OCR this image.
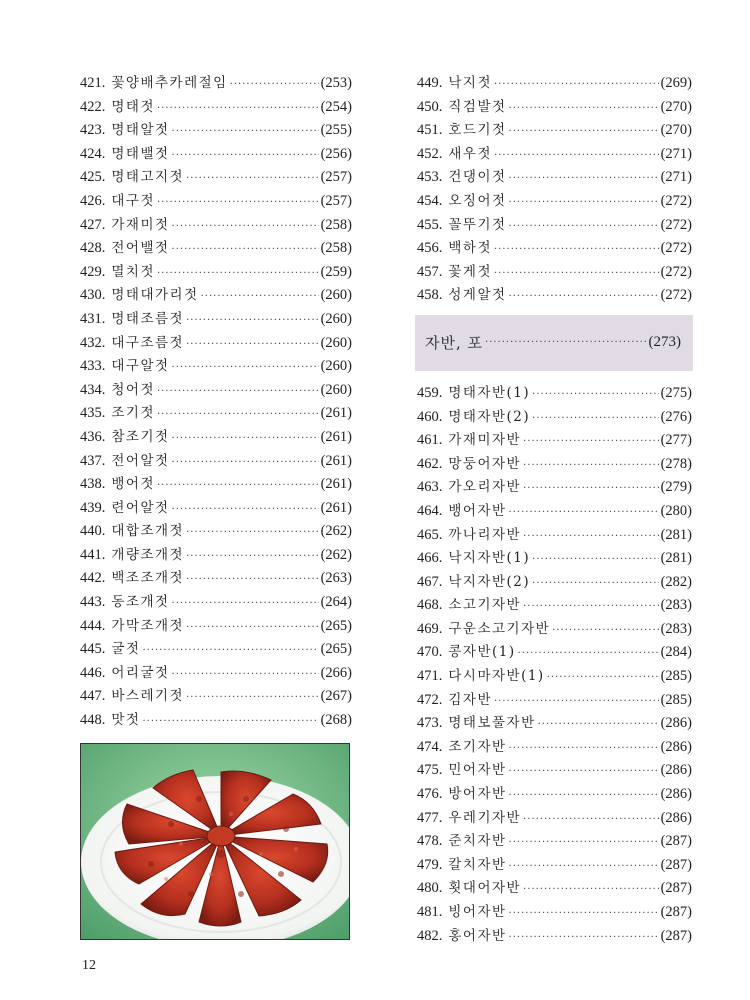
421. 꽃양배추카레절임 ·····	(253)
422. 명태젓 ·····	(254)
423. 명태알젓 ·····	(255)
424. 명태밸젓 ·····	(256)
425. 명태고지젓 ·····	(257)
426. 대구젓 ·····	(257)
427. 가재미젓 ·····	(258)
428. 전어밸젓 ·····	(258)
429. 멸치젓 ·····	(259)
430. 명태대가리젓 ·····	(260)
431. 명태조름젓 ·····	(260)
432. 대구조름젓 ·····	(260)
433. 대구알젓 ·····	(260)
434. 청어젓 ·····	(260)
435. 조기젓 ·····	(261)
436. 참조기젓 ·····	(261)
437. 전어알젓 ·····	(261)
438. 뱅어젓 ·····	(261)
439. 련어알젓 ·····	(261)
440. 대합조개젓 ·····	(262)
441. 개량조개젓 ·····	(262)
442. 백조조개젓 ·····	(263)
443. 동조개젓 ·····	(264)
444. 가막조개젓 ·····	(265)
445. 굴젓 ·····	(265)
446. 어리굴젓 ·····	(266)
447. 바스레기젓 ·····	(267)
448. 맛젓 ·····	(268)
449. 낙지젓 ·····	(269)
450. 직검발젓 ·····	(270)
451. 호드기젓 ·····	(270)
452. 새우젓 ·····	(271)
453. 건댕이젓 ·····	(271)
454. 오징어젓 ·····	(272)
455. 꼴뚜기젓 ·····	(272)
456. 백하젓 ·····	(272)
457. 꽃게젓 ·····	(272)
458. 성게알젓 ·····	(272)
자반, 포 ·····	(273)
459. 명태자반(1) ·····	(275)
460. 명태자반(2) ·····	(276)
461. 가재미자반 ·····	(277)
462. 망둥어자반 ·····	(278)
463. 가오리자반 ·····	(279)
464. 뱅어자반 ·····	(280)
465. 까나리자반 ·····	(281)
466. 낙지자반(1) ·····	(281)
467. 낙지자반(2) ·····	(282)
468. 소고기자반 ·····	(283)
469. 구운소고기자반 ·····	(283)
470. 콩자반(1) ·····	(284)
471. 다시마자반(1) ·····	(285)
472. 김자반 ·····	(285)
473. 명태보풀자반 ·····	(286)
474. 조기자반 ·····	(286)
475. 민어자반 ·····	(286)
476. 방어자반 ·····	(286)
477. 우레기자반 ·····	(286)
478. 준치자반 ·····	(287)
479. 칼치자반 ·····	(287)
480. 횟대어자반 ·····	(287)
481. 빙어자반 ·····	(287)
482. 홍어자반 ·····	(287)
12
